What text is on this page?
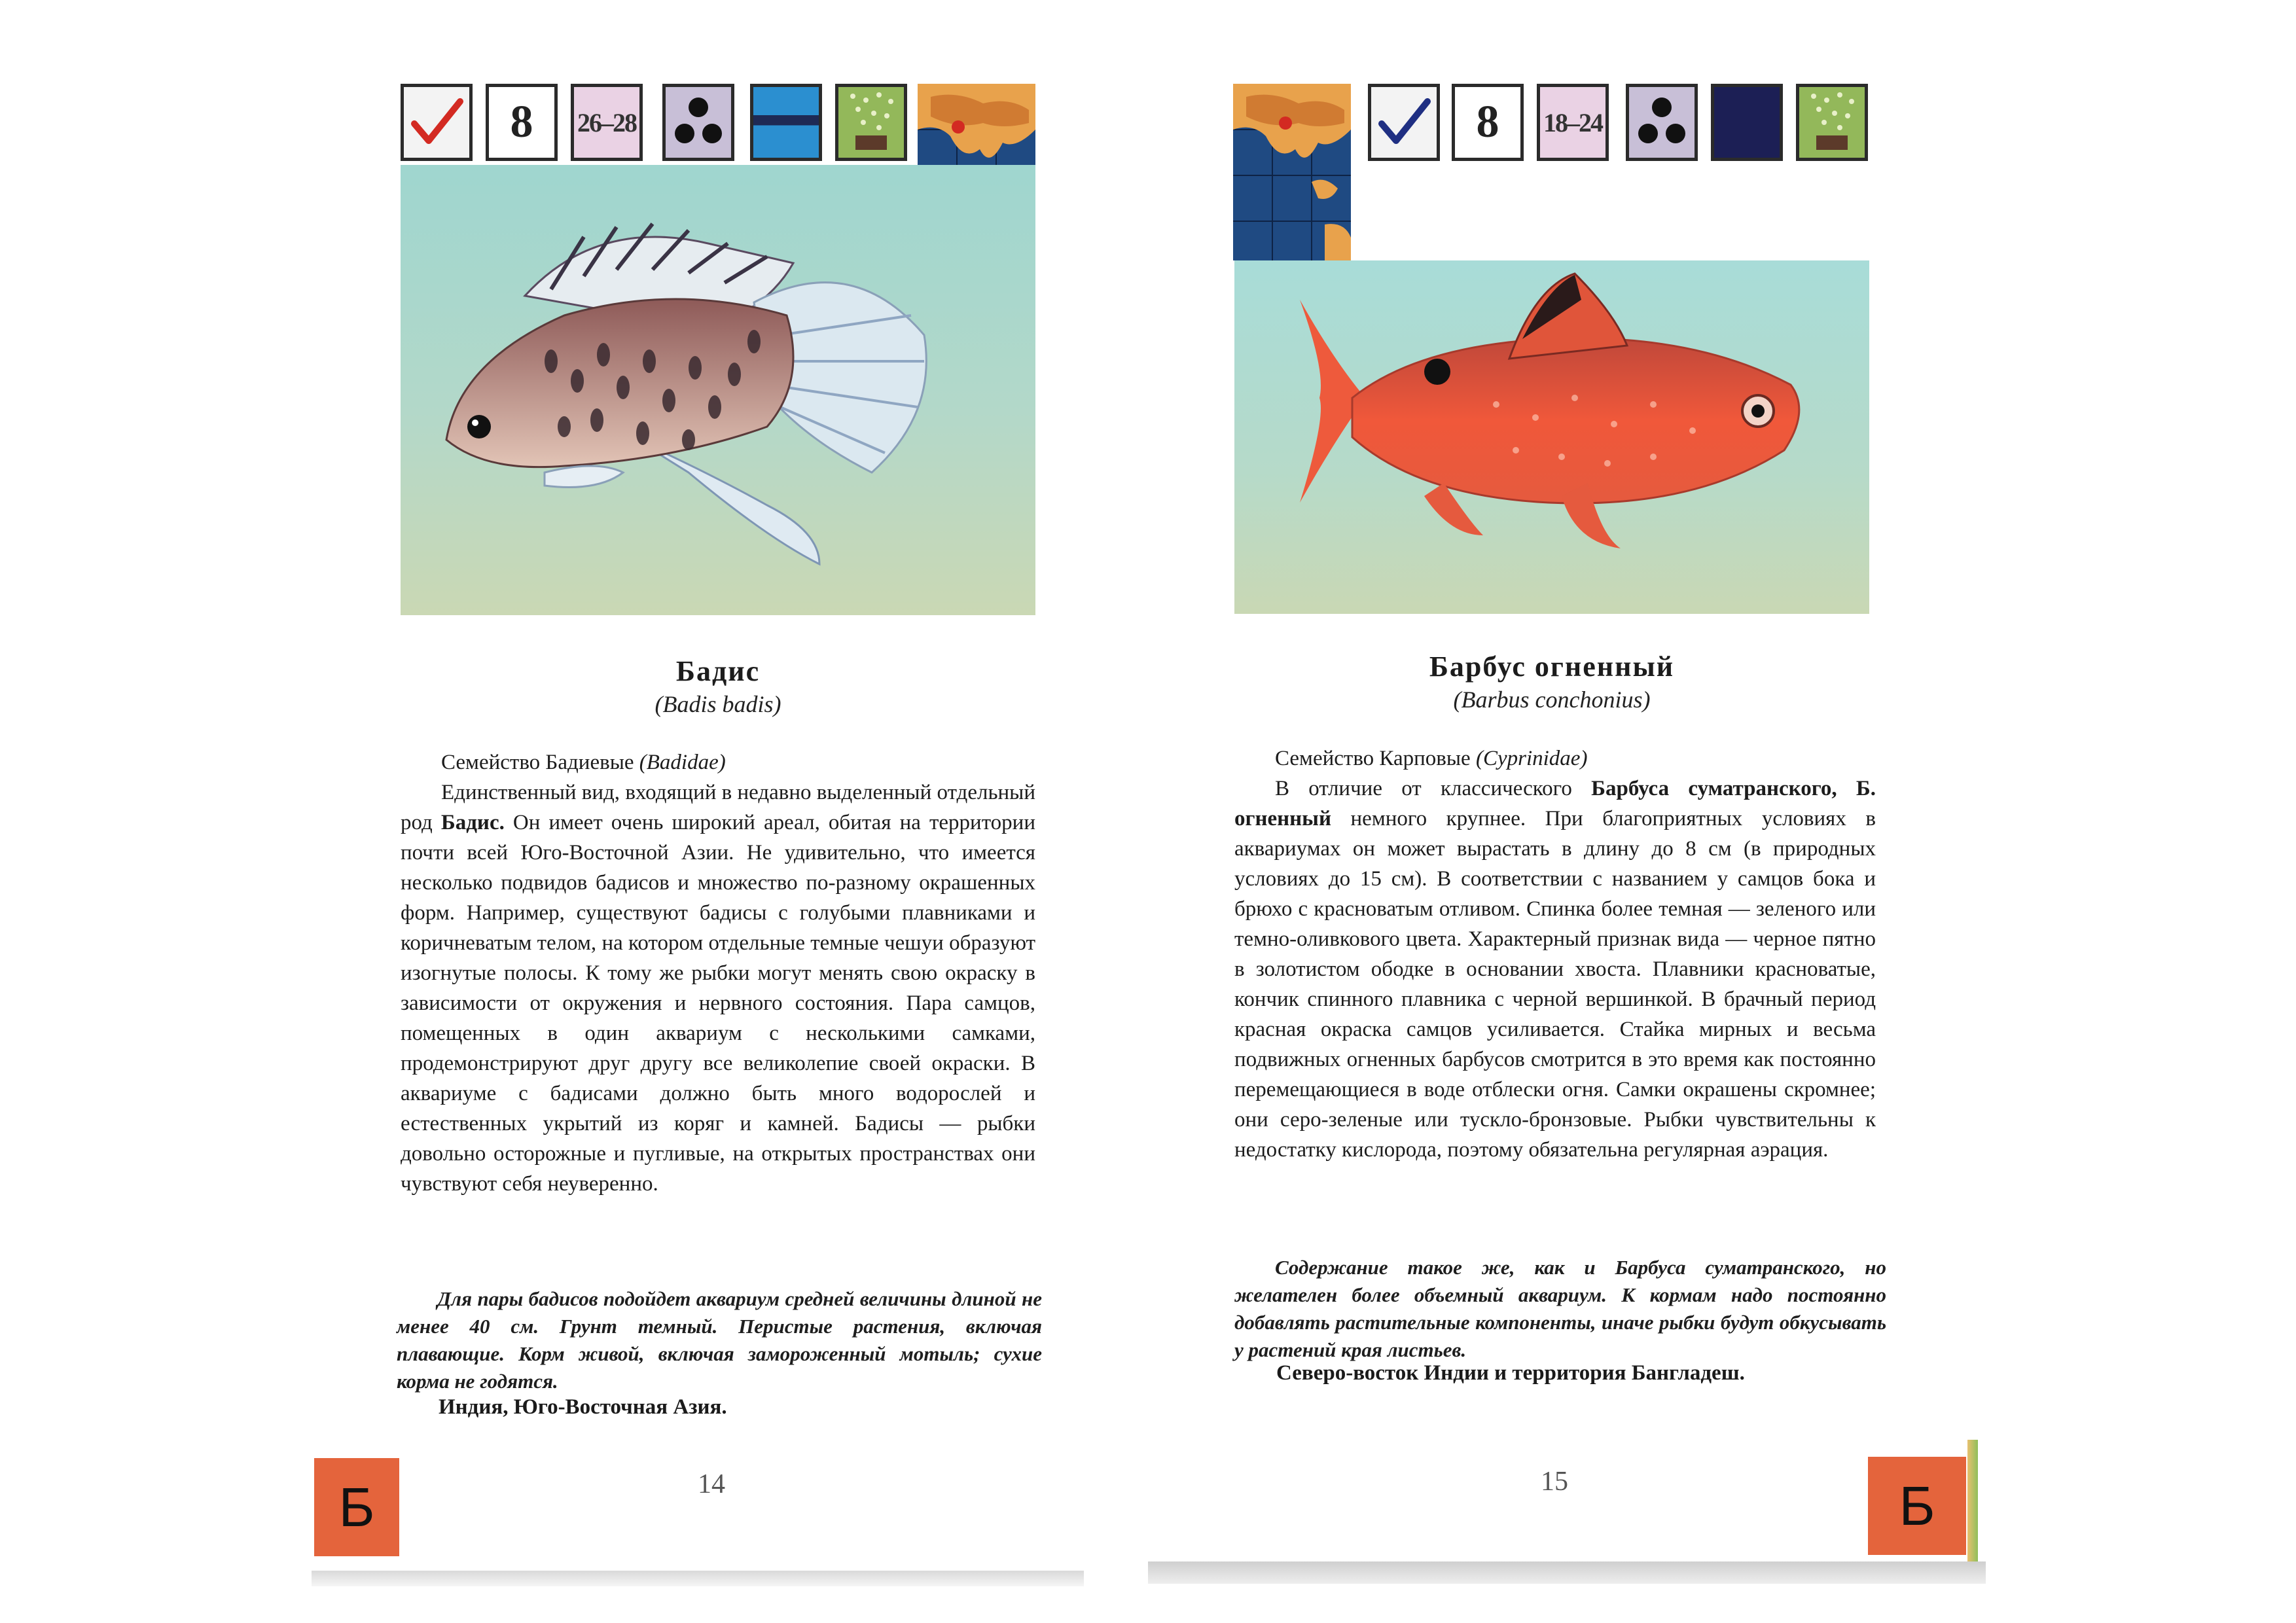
8 26–28
Бадис
(Badis badis)

Семейство Бадиевые (Badidae)

Единственный вид, входящий в недавно выделенный отдельный род Бадис. Он имеет очень широкий ареал, обитая на территории почти всей Юго-Восточной Азии. Не удивительно, что имеется несколько подвидов бадисов и множество по-разному окрашенных форм. Например, существуют бадисы с голубыми плавниками и коричневатым телом, на котором отдельные темные чешуи образуют изогнутые полосы. К тому же рыбки могут менять свою окраску в зависимости от окружения и нервного состояния. Пара самцов, помещенных в один аквариум с несколькими самками, продемонстрируют друг другу все великолепие своей окраски. В аквариуме с бадисами должно быть много водорослей и естественных укрытий из коряг и камней. Бадисы — рыбки довольно осторожные и пугливые, на открытых пространствах они чувствуют себя неуверенно.

Для пары бадисов подойдет аквариум средней величины длиной не менее 40 см. Грунт темный. Перистые растения, включая плавающие. Корм живой, включая замороженный мотыль; сухие корма не годятся.

Индия, Юго-Восточная Азия.
Б	14
8 18–24
Барбус огненный
(Barbus conchonius)

Семейство Карповые (Cyprinidae)

В отличие от классического Барбуса суматранского, Б. огненный немного крупнее. При благоприятных условиях в аквариумах он может вырастать в длину до 8 см (в природных условиях до 15 см). В соответствии с названием у самцов бока и брюхо с красноватым отливом. Спинка более темная — зеленого или темно-оливкового цвета. Характерный признак вида — черное пятно в золотистом ободке в основании хвоста. Плавники красноватые, кончик спинного плавника с черной вершинкой. В брачный период красная окраска самцов усиливается. Стайка мирных и весьма подвижных огненных барбусов смотрится в это время как постоянно перемещающиеся в воде отблески огня. Самки окрашены скромнее; они серо-зеленые или тускло-бронзовые. Рыбки чувствительны к недостатку кислорода, поэтому обязательна регулярная аэрация.

Содержание такое же, как и Барбуса суматранского, но желателен более объемный аквариум. К кормам надо постоянно добавлять растительные компоненты, иначе рыбки будут обкусывать у растений края листьев.

Северо-восток Индии и территория Бангладеш.
15	Б
